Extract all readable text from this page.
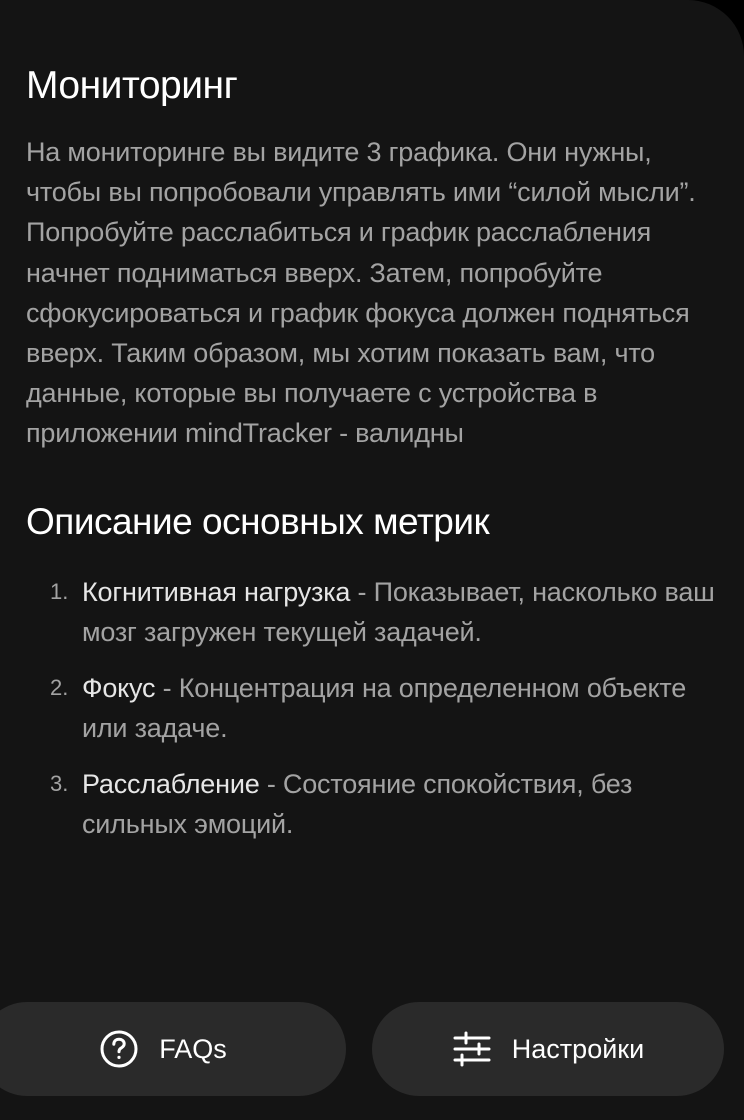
Мониторинг

На мониторинге вы видите 3 графика. Они нужны, чтобы вы попробовали управлять ими “силой мысли”. Попробуйте расслабиться и график расслабления начнет подниматься вверх. Затем, попробуйте сфокусироваться и график фокуса должен подняться вверх. Таким образом, мы хотим показать вам, что данные, которые вы получаете с устройства в приложении mindTracker - валидны

Описание основных метрик
1. Когнитивная нагрузка - Показывает, насколько ваш мозг загружен текущей задачей.
2. Фокус - Концентрация на определенном объекте или задаче.
3. Расслабление - Состояние спокойствия, без сильных эмоций.
FAQs	Настройки
